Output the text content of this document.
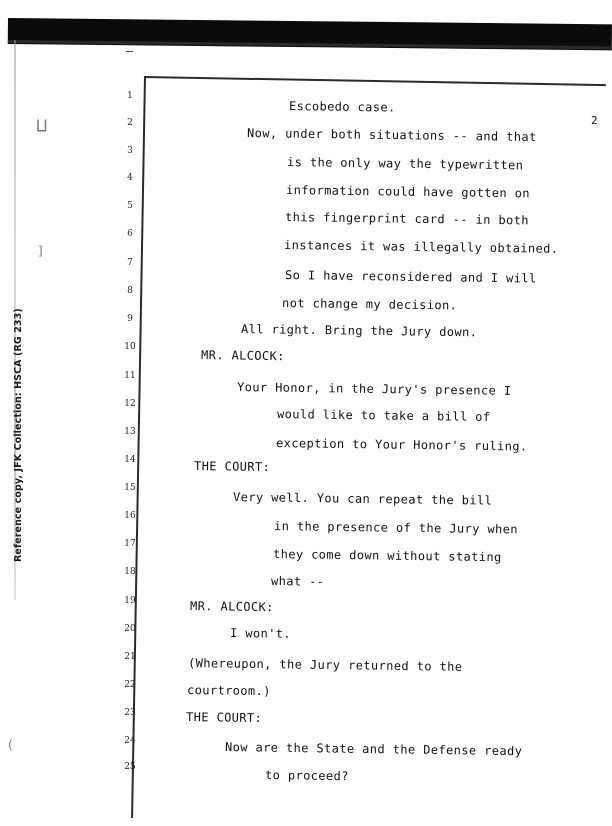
Reference copy, JFK Collection: HSCA (RG 233)
⨿
]
(
2
1
2
3
4
5
6
7
8
9
10
11
12
13
14
15
16
17
18
19
20
21
22
23
24
25
Escobedo case.
Now, under both situations -- and that
is the only way the typewritten
information could have gotten on
this fingerprint card -- in both
instances it was illegally obtained.
So I have reconsidered and I will
not change my decision.
All right. Bring the Jury down.
MR. ALCOCK:
Your Honor, in the Jury's presence I
would like to take a bill of
exception to Your Honor's ruling.
THE COURT:
Very well. You can repeat the bill
in the presence of the Jury when
they come down without stating
what --
MR. ALCOCK:
I won't.
(Whereupon, the Jury returned to the
courtroom.)
THE COURT:
Now are the State and the Defense ready
to proceed?
